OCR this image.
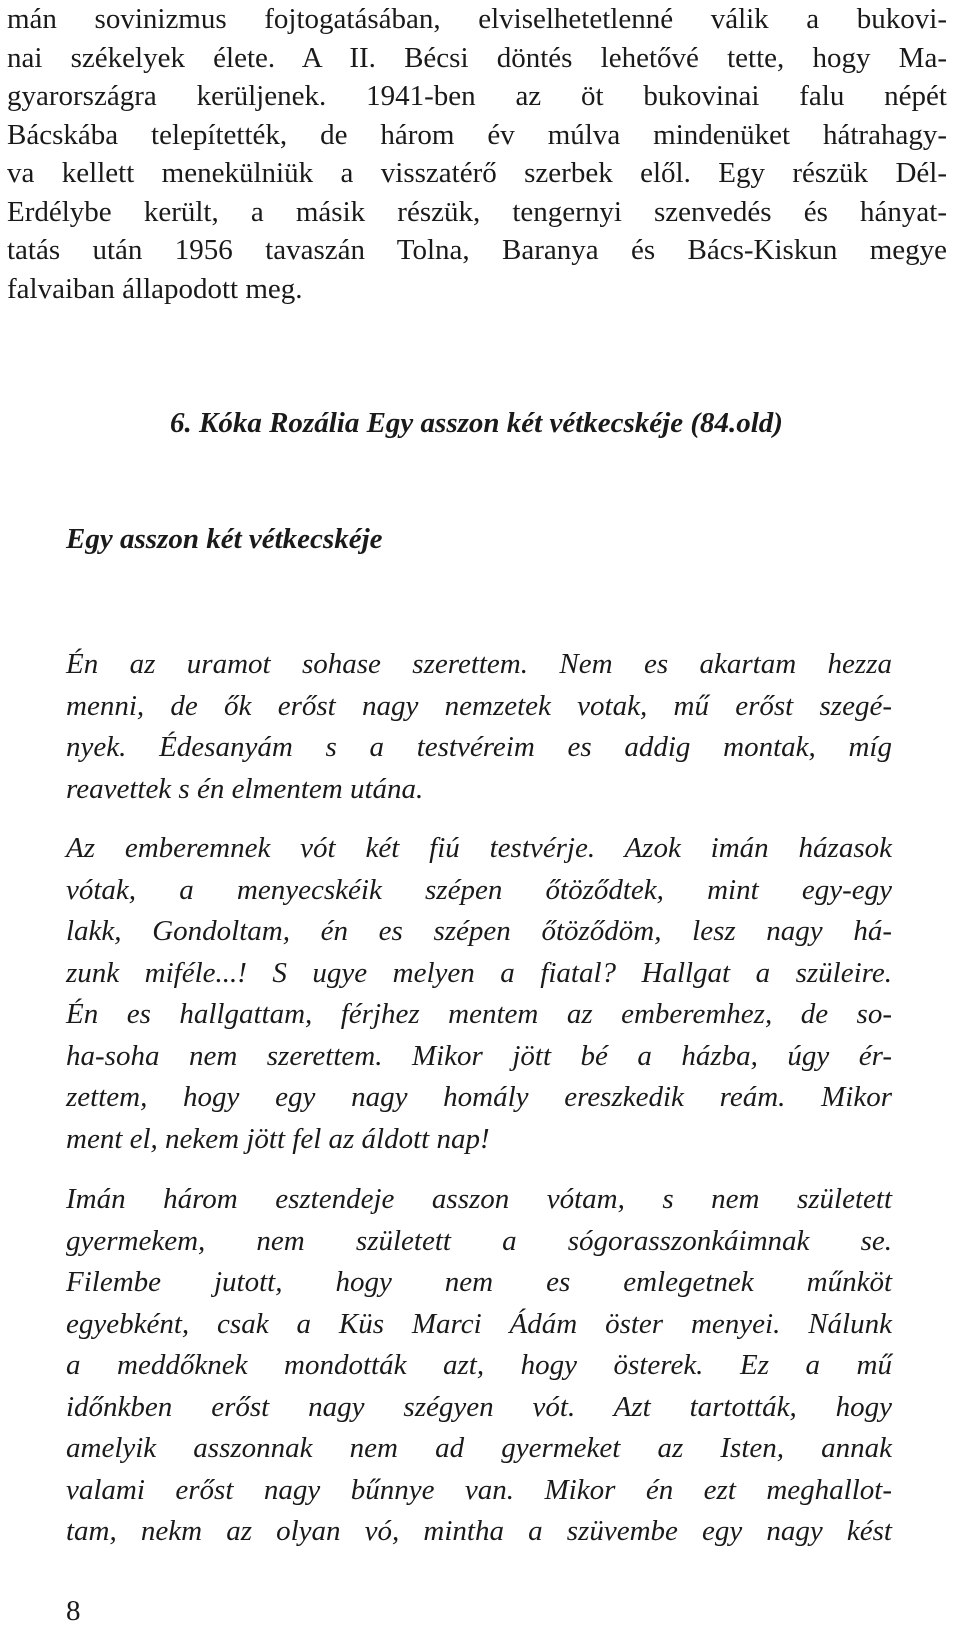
mán sovinizmus fojtogatásában, elviselhetetlenné válik a bukovi-
nai székelyek élete. A II. Bécsi döntés lehetővé tette, hogy Ma-
gyarországra kerüljenek. 1941-ben az öt bukovinai falu népét
Bácskába telepítették, de három év múlva mindenüket hátrahagy-
va kellett menekülniük a visszatérő szerbek elől. Egy részük Dél-
Erdélybe került, a másik részük, tengernyi szenvedés és hányat-
tatás után 1956 tavaszán Tolna, Baranya és Bács-Kiskun megye
falvaiban állapodott meg.
6. Kóka Rozália Egy asszon két vétkecskéje (84.old)
Egy asszon két vétkecskéje
Én az uramot sohase szerettem. Nem es akartam hezza
menni, de ők erőst nagy nemzetek votak, mű erőst szegé-
nyek. Édesanyám s a testvéreim es addig montak, míg
reavettek s én elmentem utána.
Az emberemnek vót két fiú testvérje. Azok imán házasok
vótak, a menyecskéik szépen őtöződtek, mint egy-egy
lakk, Gondoltam, én es szépen őtöződöm, lesz nagy há-
zunk miféle...! S ugye melyen a fiatal? Hallgat a szüleire.
Én es hallgattam, férjhez mentem az emberemhez, de so-
ha-soha nem szerettem. Mikor jött bé a házba, úgy ér-
zettem, hogy egy nagy homály ereszkedik reám. Mikor
ment el, nekem jött fel az áldott nap!
Imán három esztendeje asszon vótam, s nem született
gyermekem, nem született a sógorasszonkáimnak se.
Filembe jutott, hogy nem es emlegetnek műnköt
egyebként, csak a Küs Marci Ádám öster menyei. Nálunk
a meddőknek mondották azt, hogy österek. Ez a mű
időnkben erőst nagy szégyen vót. Azt tartották, hogy
amelyik asszonnak nem ad gyermeket az Isten, annak
valami erőst nagy bűnnye van. Mikor én ezt meghallot-
tam, nekm az olyan vó, mintha a szüvembe egy nagy kést
8
